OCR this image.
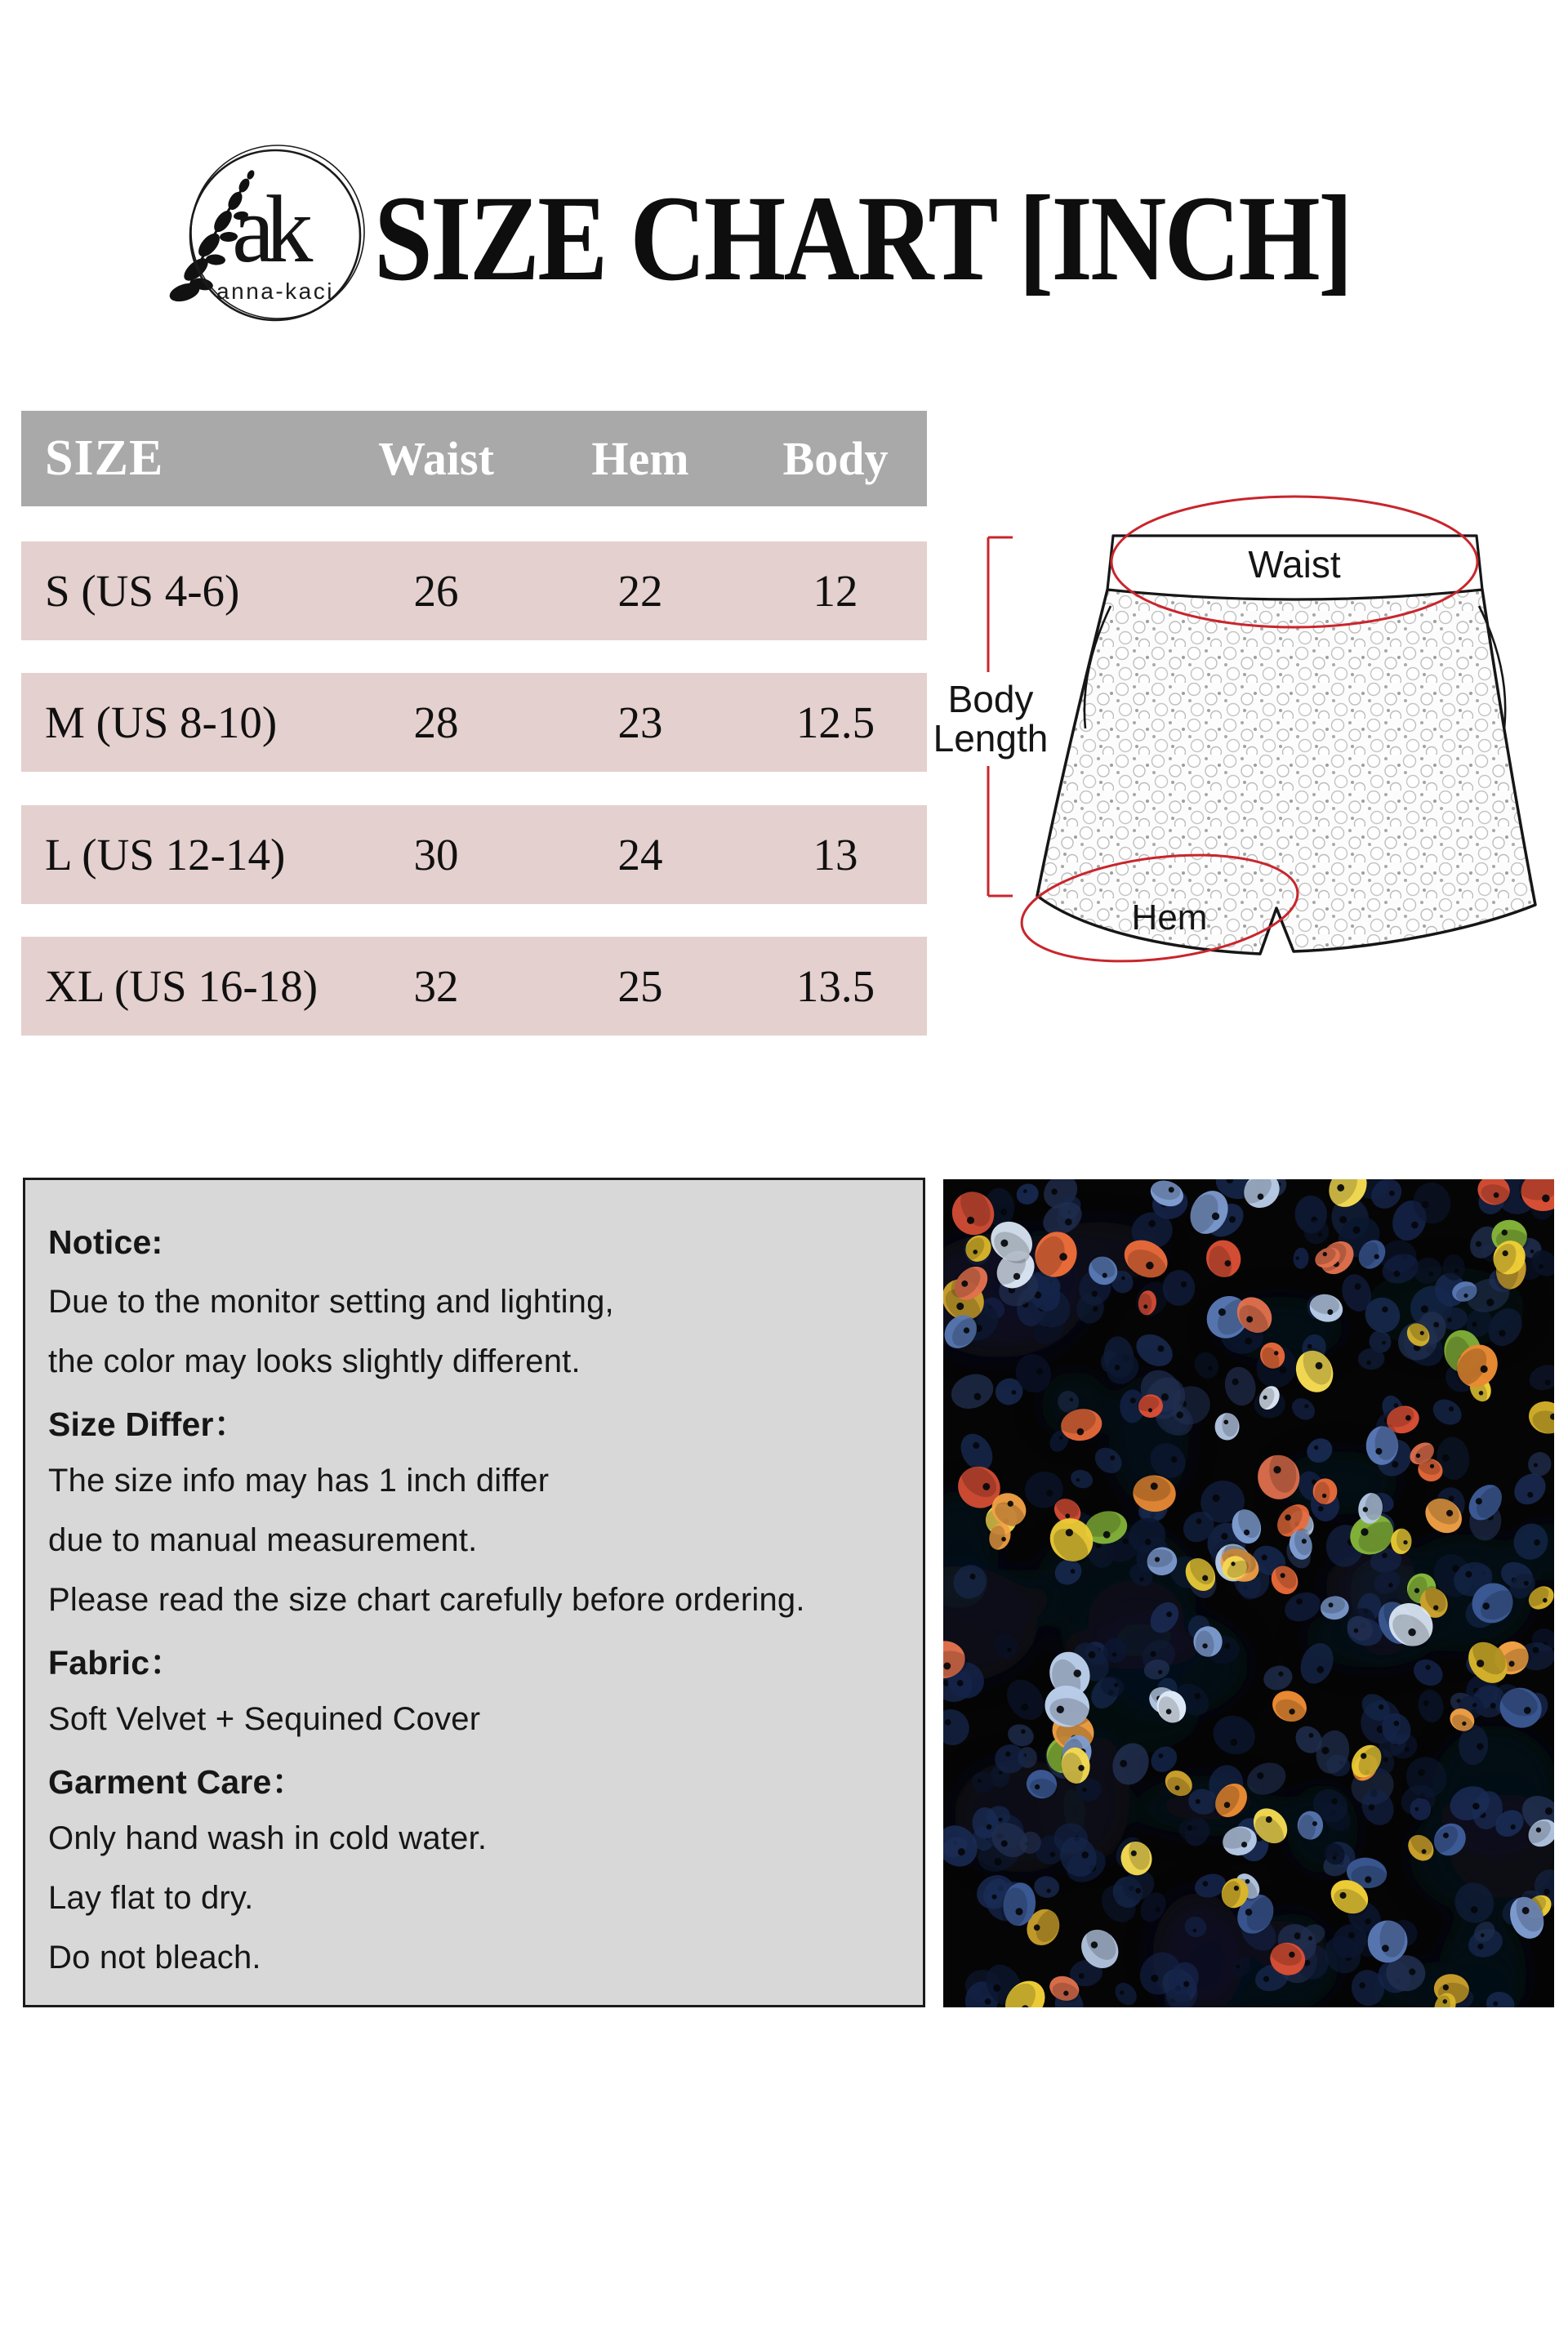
ak
anna-kaci SIZE CHART [INCH]
SIZE	Waist Hem Body
S (US 4-6)	26	22	12
M (US 8-10)	28	23	12.5
L (US 12-14)	30	24	13
XL (US 16-18) 32	25	13.5
Waist
Body
Length
Hem
Notice:
Due to the monitor setting and lighting,
the color may looks slightly different.
Size Differ：
The size info may has 1 inch differ
due to manual measurement.
Please read the size chart carefully before ordering.
Fabric：
Soft Velvet + Sequined Cover
Garment Care：
Only hand wash in cold water.
Lay flat to dry.
Do not bleach.
